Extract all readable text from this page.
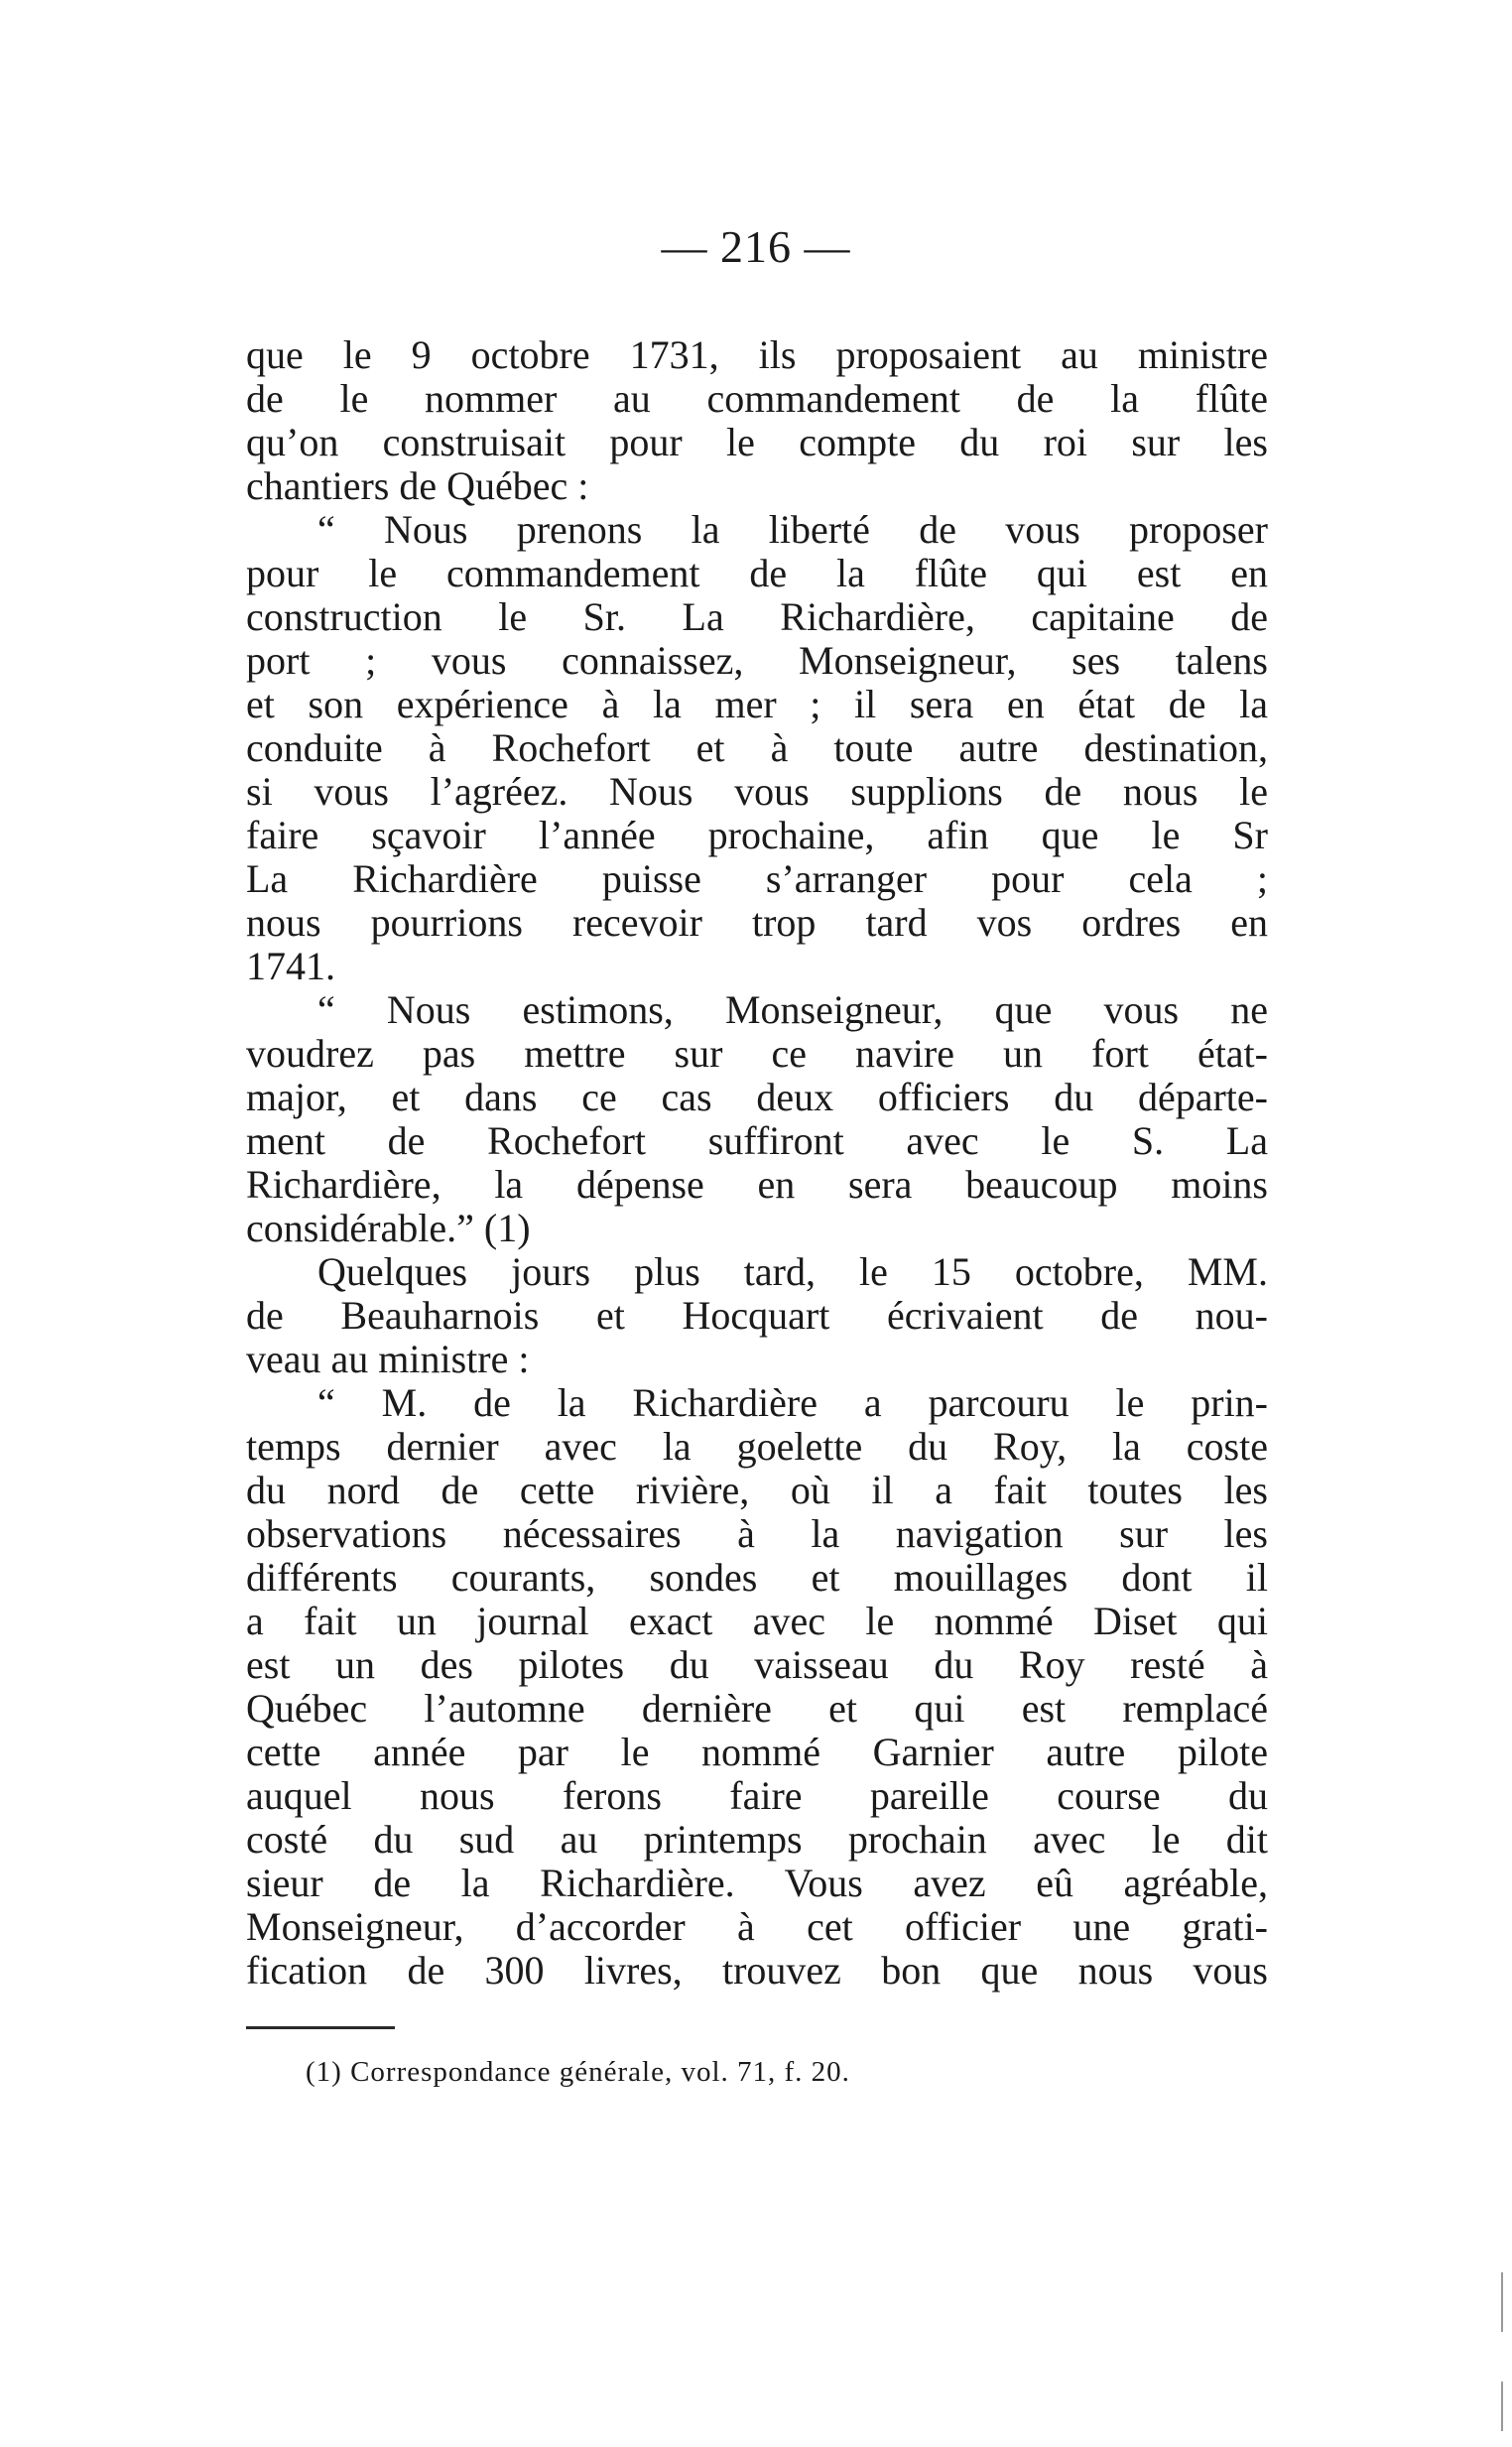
— 216 —
que le 9 octobre 1731, ils proposaient au ministre
de le nommer au commandement de la flûte
qu’on construisait pour le compte du roi sur les
chantiers de Québec :
“ Nous prenons la liberté de vous proposer
pour le commandement de la flûte qui est en
construction le Sr. La Richardière, capitaine de
port ; vous connaissez, Monseigneur, ses talens
et son expérience à la mer ; il sera en état de la
conduite à Rochefort et à toute autre destination,
si vous l’agréez. Nous vous supplions de nous le
faire sçavoir l’année prochaine, afin que le Sr
La Richardière puisse s’arranger pour cela ;
nous pourrions recevoir trop tard vos ordres en
1741.
“ Nous estimons, Monseigneur, que vous ne
voudrez pas mettre sur ce navire un fort état-
major, et dans ce cas deux officiers du départe-
ment de Rochefort suffiront avec le S. La
Richardière, la dépense en sera beaucoup moins
considérable.” (1)
Quelques jours plus tard, le 15 octobre, MM.
de Beauharnois et Hocquart écrivaient de nou-
veau au ministre :
“ M. de la Richardière a parcouru le prin-
temps dernier avec la goelette du Roy, la coste
du nord de cette rivière, où il a fait toutes les
observations nécessaires à la navigation sur les
différents courants, sondes et mouillages dont il
a fait un journal exact avec le nommé Diset qui
est un des pilotes du vaisseau du Roy resté à
Québec l’automne dernière et qui est remplacé
cette année par le nommé Garnier autre pilote
auquel nous ferons faire pareille course du
costé du sud au printemps prochain avec le dit
sieur de la Richardière. Vous avez eû agréable,
Monseigneur, d’accorder à cet officier une grati-
fication de 300 livres, trouvez bon que nous vous
(1) Correspondance générale, vol. 71, f. 20.
